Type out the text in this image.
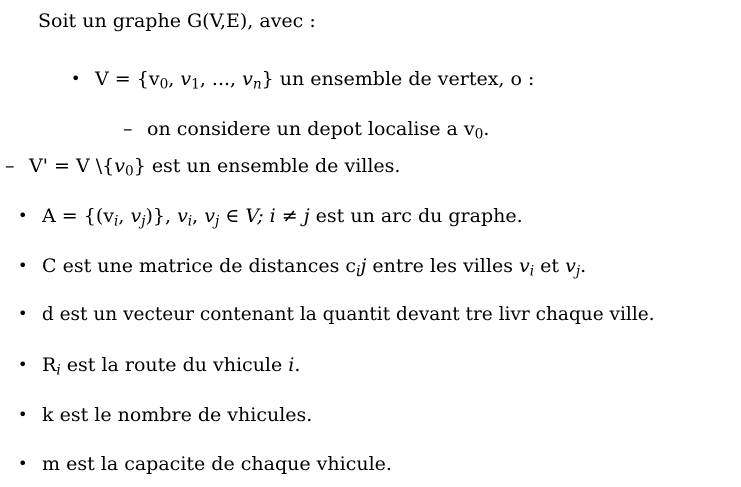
Soit un graphe G(V,E), avec :
• $V = \{v_0$, $v_1$, ..., $v_n$} un ensemble de vertex, o :
– on considere un depot localise a $v_0$.
– V' = V $\backslash\{v_0\}$ est un ensemble de villes.
• $A = \{(v_i$, $v_j$)}, $v_i$, $v_j$ ∈ V; i ≠ j est un arc du graphe.
• C est une matrice de distances $c_ij$ entre les villes $v_i$ et $v_j$.
• d est un vecteur contenant la quantit devant tre livr chaque ville.
• $R_i$ est la route du vhicule i.
• k est le nombre de vhicules.
• m est la capacite de chaque vhicule.
